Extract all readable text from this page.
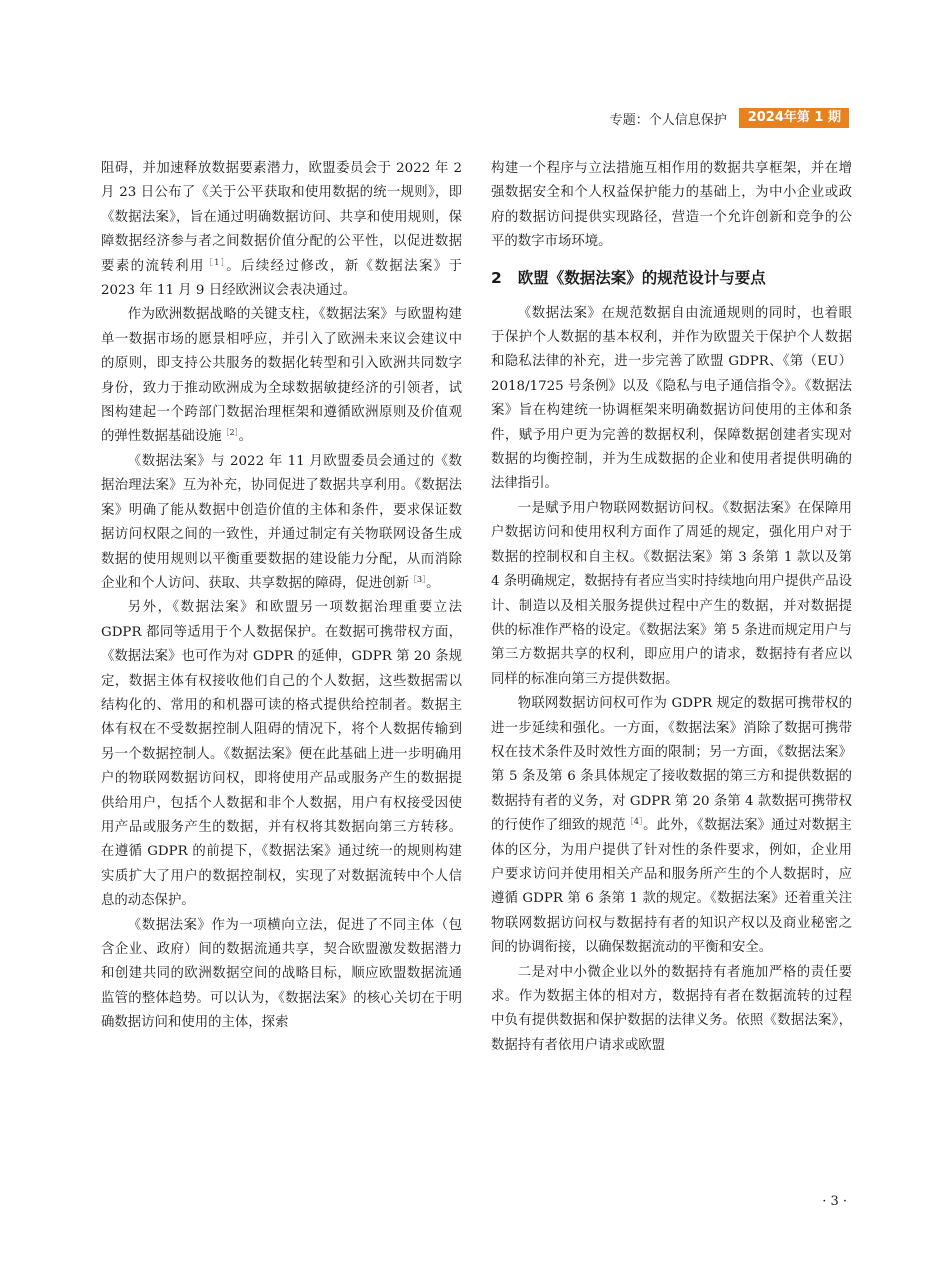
专题：个人信息保护	2024年第 1 期

阻碍，并加速释放数据要素潜力，欧盟委员会于 2022 年 2 月 23 日公布了《关于公平获取和使用数据的统一规则》，即《数据法案》，旨在通过明确数据访问、共享和使用规则，保障数据经济参与者之间数据价值分配的公平性，以促进数据要素的流转利用$^{[1]}$。后续经过修改，新《数据法案》于 2023 年 11 月 9 日经欧洲议会表决通过。

作为欧洲数据战略的关键支柱，《数据法案》与欧盟构建单一数据市场的愿景相呼应，并引入了欧洲未来议会建议中的原则，即支持公共服务的数据化转型和引入欧洲共同数字身份，致力于推动欧洲成为全球数据敏捷经济的引领者，试图构建起一个跨部门数据治理框架和遵循欧洲原则及价值观的弹性数据基础设施$^{[2]}$。

《数据法案》与 2022 年 11 月欧盟委员会通过的《数据治理法案》互为补充，协同促进了数据共享利用。《数据法案》明确了能从数据中创造价值的主体和条件，要求保证数据访问权限之间的一致性，并通过制定有关物联网设备生成数据的使用规则以平衡重要数据的建设能力分配，从而消除企业和个人访问、获取、共享数据的障碍，促进创新$^{[3]}$。

另外，《数据法案》和欧盟另一项数据治理重要立法 GDPR 都同等适用于个人数据保护。在数据可携带权方面，《数据法案》也可作为对 GDPR 的延伸，GDPR 第 20 条规定，数据主体有权接收他们自己的个人数据，这些数据需以结构化的、常用的和机器可读的格式提供给控制者。数据主体有权在不受数据控制人阻碍的情况下，将个人数据传输到另一个数据控制人。《数据法案》便在此基础上进一步明确用户的物联网数据访问权，即将使用产品或服务产生的数据提供给用户，包括个人数据和非个人数据，用户有权接受因使用产品或服务产生的数据，并有权将其数据向第三方转移。在遵循 GDPR 的前提下，《数据法案》通过统一的规则构建实质扩大了用户的数据控制权，实现了对数据流转中个人信息的动态保护。

《数据法案》作为一项横向立法，促进了不同主体（包含企业、政府）间的数据流通共享，契合欧盟激发数据潜力和创建共同的欧洲数据空间的战略目标，顺应欧盟数据流通监管的整体趋势。可以认为，《数据法案》的核心关切在于明确数据访问和使用的主体，探索

构建一个程序与立法措施互相作用的数据共享框架，并在增强数据安全和个人权益保护能力的基础上，为中小企业或政府的数据访问提供实现路径，营造一个允许创新和竞争的公平的数字市场环境。

2 欧盟《数据法案》的规范设计与要点

《数据法案》在规范数据自由流通规则的同时，也着眼于保护个人数据的基本权利，并作为欧盟关于保护个人数据和隐私法律的补充，进一步完善了欧盟 GDPR、《第（EU）2018/1725 号条例》以及《隐私与电子通信指令》。《数据法案》旨在构建统一协调框架来明确数据访问使用的主体和条件，赋予用户更为完善的数据权利，保障数据创建者实现对数据的均衡控制，并为生成数据的企业和使用者提供明确的法律指引。

一是赋予用户物联网数据访问权。《数据法案》在保障用户数据访问和使用权利方面作了周延的规定，强化用户对于数据的控制权和自主权。《数据法案》第 3 条第 1 款以及第 4 条明确规定，数据持有者应当实时持续地向用户提供产品设计、制造以及相关服务提供过程中产生的数据，并对数据提供的标准作严格的设定。《数据法案》第 5 条进而规定用户与第三方数据共享的权利，即应用户的请求，数据持有者应以同样的标准向第三方提供数据。

物联网数据访问权可作为 GDPR 规定的数据可携带权的进一步延续和强化。一方面，《数据法案》消除了数据可携带权在技术条件及时效性方面的限制；另一方面，《数据法案》第 5 条及第 6 条具体规定了接收数据的第三方和提供数据的数据持有者的义务，对 GDPR 第 20 条第 4 款数据可携带权的行使作了细致的规范$^{[4]}$。此外，《数据法案》通过对数据主体的区分，为用户提供了针对性的条件要求，例如，企业用户要求访问并使用相关产品和服务所产生的个人数据时，应遵循 GDPR 第 6 条第 1 款的规定。《数据法案》还着重关注物联网数据访问权与数据持有者的知识产权以及商业秘密之间的协调衔接，以确保数据流动的平衡和安全。

二是对中小微企业以外的数据持有者施加严格的责任要求。作为数据主体的相对方，数据持有者在数据流转的过程中负有提供数据和保护数据的法律义务。依照《数据法案》，数据持有者依用户请求或欧盟

· 3 ·
